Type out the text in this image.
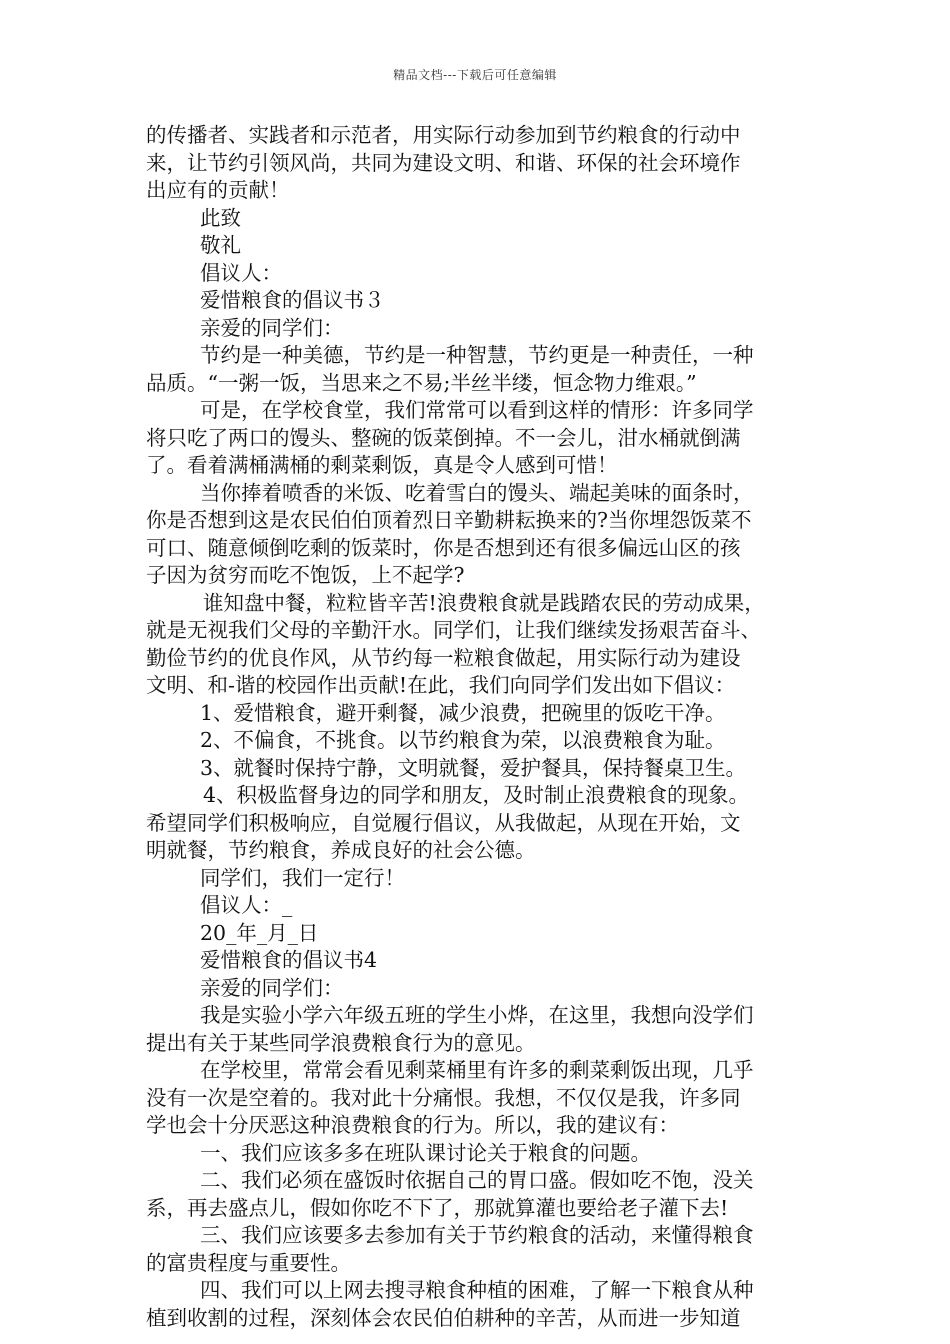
精品文档---下载后可任意编辑
的传播者、实践者和示范者，用实际行动参加到节约粮食的行动中
来，让节约引领风尚，共同为建设文明、和谐、环保的社会环境作
出应有的贡献！
此致
敬礼
倡议人：
爱惜粮食的倡议书３
亲爱的同学们：
节约是一种美德，节约是一种智慧，节约更是一种责任，一种
品质。“一粥一饭，当思来之不易;半丝半缕，恒念物力维艰。”
可是，在学校食堂，我们常常可以看到这样的情形：许多同学
将只吃了两口的馒头、整碗的饭菜倒掉。不一会儿，泔水桶就倒满
了。看着满桶满桶的剩菜剩饭，真是令人感到可惜！
当你捧着喷香的米饭、吃着雪白的馒头、端起美味的面条时，
你是否想到这是农民伯伯顶着烈日辛勤耕耘换来的?当你埋怨饭菜不
可口、随意倾倒吃剩的饭菜时，你是否想到还有很多偏远山区的孩
子因为贫穷而吃不饱饭，上不起学?
谁知盘中餐，粒粒皆辛苦!浪费粮食就是践踏农民的劳动成果，
就是无视我们父母的辛勤汗水。同学们，让我们继续发扬艰苦奋斗、
勤俭节约的优良作风，从节约每一粒粮食做起，用实际行动为建设
文明、和-谐的校园作出贡献!在此，我们向同学们发出如下倡议：
1、爱惜粮食，避开剩餐，减少浪费，把碗里的饭吃干净。
2、不偏食，不挑食。以节约粮食为荣，以浪费粮食为耻。
3、就餐时保持宁静，文明就餐，爱护餐具，保持餐桌卫生。
4、积极监督身边的同学和朋友，及时制止浪费粮食的现象。
希望同学们积极响应，自觉履行倡议，从我做起，从现在开始，文
明就餐，节约粮食，养成良好的社会公德。
同学们，我们一定行！
倡议人：_
20_年_月_日
爱惜粮食的倡议书4
亲爱的同学们：
我是实验小学六年级五班的学生小烨，在这里，我想向没学们
提出有关于某些同学浪费粮食行为的意见。
在学校里，常常会看见剩菜桶里有许多的剩菜剩饭出现，几乎
没有一次是空着的。我对此十分痛恨。我想，不仅仅是我，许多同
学也会十分厌恶这种浪费粮食的行为。所以，我的建议有：
一、我们应该多多在班队课讨论关于粮食的问题。
二、我们必须在盛饭时依据自己的胃口盛。假如吃不饱，没关
系，再去盛点儿，假如你吃不下了，那就算灌也要给老子灌下去!
三、我们应该要多去参加有关于节约粮食的活动，来懂得粮食
的富贵程度与重要性。
四、我们可以上网去搜寻粮食种植的困难，了解一下粮食从种
植到收割的过程，深刻体会农民伯伯耕种的辛苦，从而进一步知道
